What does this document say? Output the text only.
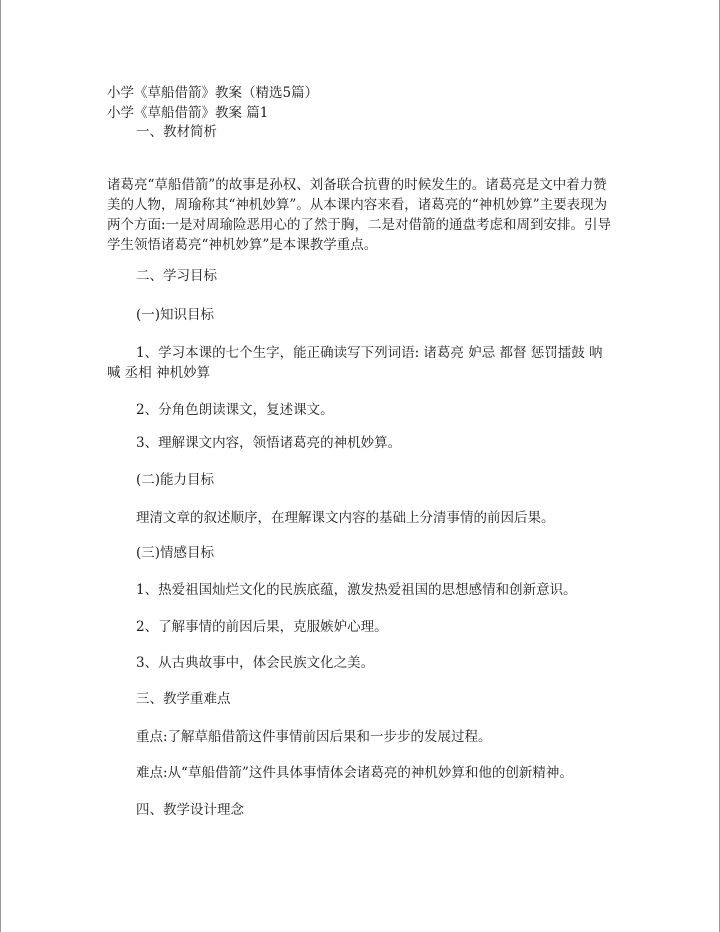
小学《草船借箭》教案（精选5篇）
小学《草船借箭》教案 篇1
一、教材简析
诸葛亮“草船借箭”的故事是孙权、刘备联合抗曹的时候发生的。诸葛亮是文中着力赞美的人物，周瑜称其“神机妙算”。从本课内容来看，诸葛亮的“神机妙算”主要表现为两个方面:一是对周瑜险恶用心的了然于胸，二是对借箭的通盘考虑和周到安排。引导学生领悟诸葛亮“神机妙算”是本课教学重点。
二、学习目标
(一)知识目标
1、学习本课的七个生字，能正确读写下列词语: 诸葛亮 妒忌 都督 惩罚擂鼓 呐喊 丞相 神机妙算
2、分角色朗读课文，复述课文。
3、理解课文内容，领悟诸葛亮的神机妙算。
(二)能力目标
理清文章的叙述顺序，在理解课文内容的基础上分清事情的前因后果。
(三)情感目标
1、热爱祖国灿烂文化的民族底蕴，激发热爱祖国的思想感情和创新意识。
2、了解事情的前因后果，克服嫉妒心理。
3、从古典故事中，体会民族文化之美。
三、教学重难点
重点:了解草船借箭这件事情前因后果和一步步的发展过程。
难点:从“草船借箭”这件具体事情体会诸葛亮的神机妙算和他的创新精神。
四、教学设计理念
